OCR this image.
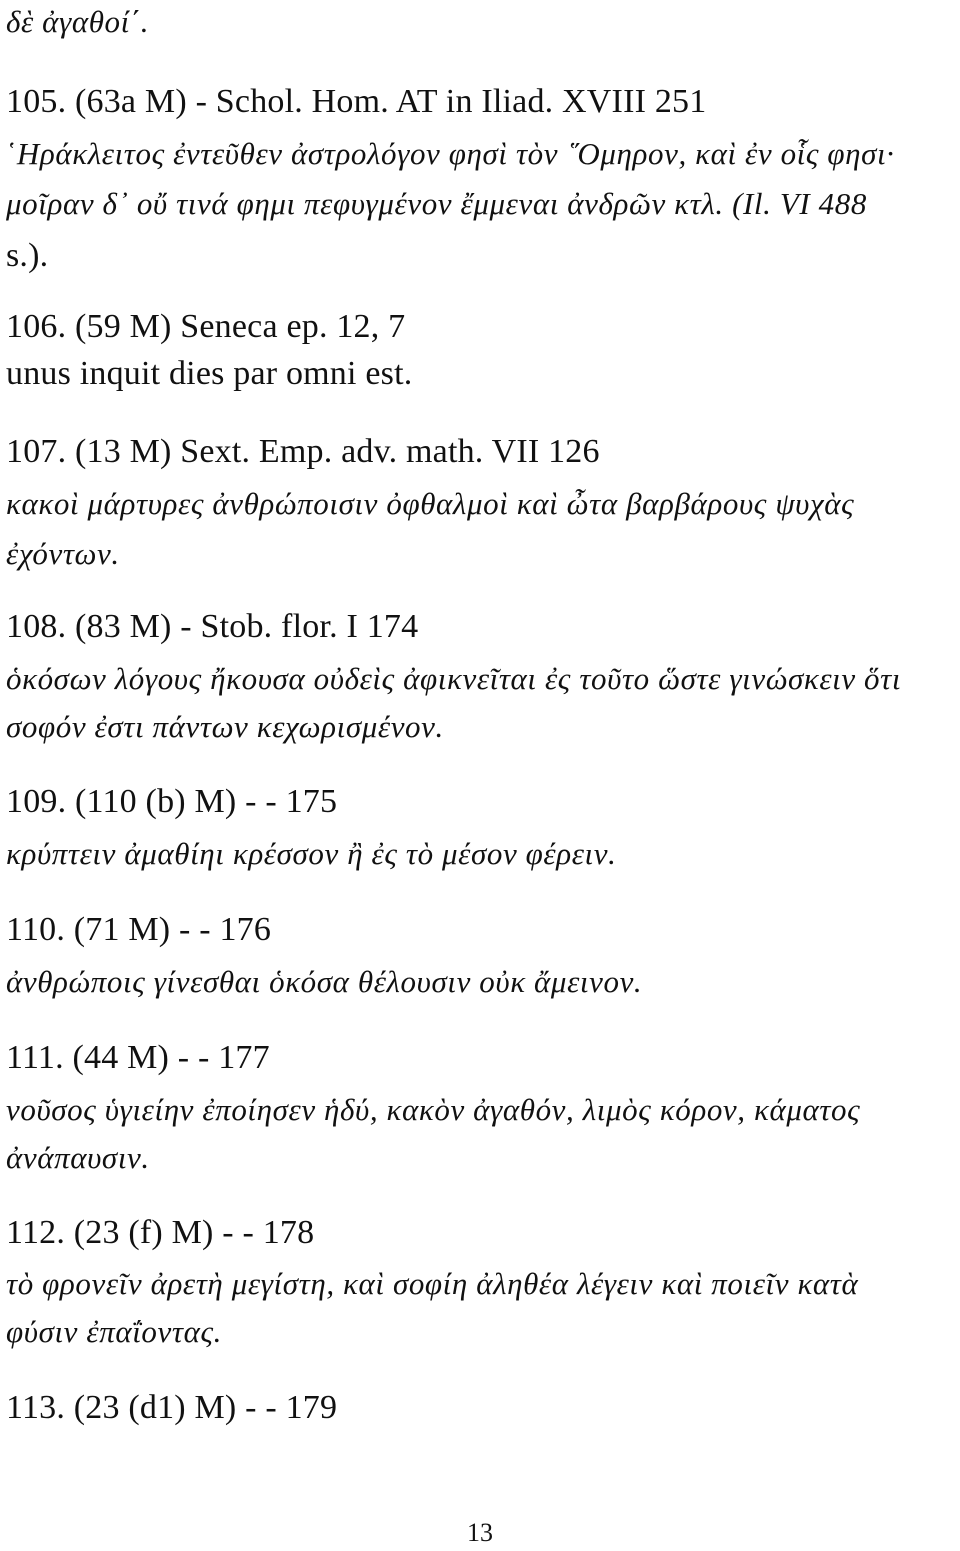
δὲ ἀγαθοί΄.
105. (63a M) - Schol. Hom. AT in Iliad. XVIII 251
῾Ηράκλειτος ἐντεῦθεν ἀστρολόγον φησὶ τὸν ῞Ομηρον, καὶ ἐν οἷς φησι·
μοῖραν δ᾽ οὔ τινά φημι πεφυγμένον ἔμμεναι ἀνδρῶν κτλ. (Il. VI 488
s.).
106. (59 M) Seneca ep. 12, 7
unus inquit dies par omni est.
107. (13 M) Sext. Emp. adv. math. VII 126
κακοὶ μάρτυρες ἀνθρώποισιν ὀφθαλμοὶ καὶ ὦτα βαρβάρους ψυχὰς
ἐχόντων.
108. (83 M) - Stob. flor. I 174
ὁκόσων λόγους ἤκουσα οὐδεὶς ἀφικνεῖται ἐς τοῦτο ὥστε γινώσκειν ὅτι
σοφόν ἐστι πάντων κεχωρισμένον.
109. (110 (b) M) - - 175
κρύπτειν ἀμαθίηι κρέσσον ἢ ἐς τὸ μέσον φέρειν.
110. (71 M) - - 176
ἀνθρώποις γίνεσθαι ὁκόσα θέλουσιν οὐκ ἄμεινον.
111. (44 M) - - 177
νοῦσος ὑγιείην ἐποίησεν ἡδύ, κακὸν ἀγαθόν, λιμὸς κόρον, κάματος
ἀνάπαυσιν.
112. (23 (f) M) - - 178
τὸ φρονεῖν ἀρετὴ μεγίστη, καὶ σοφίη ἀληθέα λέγειν καὶ ποιεῖν κατὰ
φύσιν ἐπαΐοντας.
113. (23 (d1) M) - - 179
13
